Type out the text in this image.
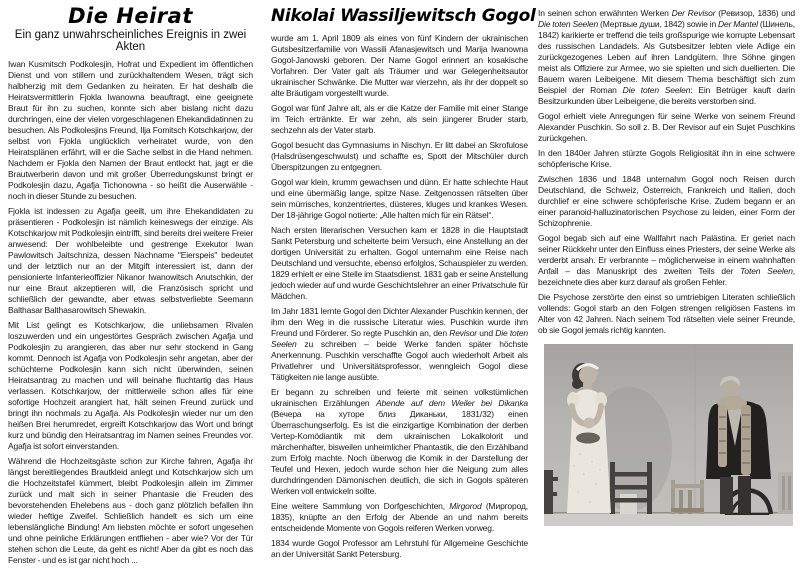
Die Heirat
Ein ganz unwahrscheinliches Ereignis in zwei Akten

Iwan Kusmitsch Podkolesjin, Hofrat und Expedient im öffentlichen Dienst und von stillem und zurückhaltendem Wesen, trägt sich halbherzig mit dem Gedanken zu heiraten. Er hat deshalb die Heiratsvermittlerin Fjokla Iwanowna beauftragt, eine geeignete Braut für ihn zu suchen, konnte sich aber bislang nicht dazu durchringen, eine der vielen vorgeschlagenen Ehekandidatinnen zu besuchen. Als Podkolesjins Freund, Ilja Fomitsch Kotschkarjow, der selbst von Fjokla unglücklich verheiratet wurde, von den Heiratsplänen erfährt, will er die Sache selbst in die Hand nehmen. Nachdem er Fjokla den Namen der Braut entlockt hat, jagt er die Brautwerberin davon und mit großer Überredungskunst bringt er Podkolesjin dazu, Agafja Tichonowna - so heißt die Auserwähle - noch in dieser Stunde zu besuchen.

Fjokla ist indessen zu Agafja geeilt, um ihre Ehekandidaten zu präsentieren - Podkolesjin ist nämlich keineswegs der einzige. Als Kotschkarjow mit Podkolesjin eintrifft, sind bereits drei weitere Freier anwesend: Der wohlbeleibte und gestrenge Exekutor Iwan Pawlowitsch Jaitschniza, dessen Nachname "Eierspeis" bedeutet und der letztlich nur an der Mitgift interessiert ist, dann der pensionierte Infanterieoffizier Nikanor Iwanowitsch Anutschkin, der nur eine Braut akzeptieren will, die Französisch spricht und schließlich der gewandte, aber etwas selbstverliebte Seemann Balthasar Balthasarowitsch Shewakin.

Mit List gelingt es Kotschkarjow, die unliebsamen Rivalen loszuwerden und ein ungestörtes Gespräch zwischen Agafja und Podkolesjin zu arangieren, das aber nur sehr stockend in Gang kommt. Dennoch ist Agafja von Podkolesjin sehr angetan, aber der schüchterne Podkolesjin kann sich nicht überwinden, seinen Heiratsantrag zu machen und will beinahe fluchtartig das Haus verlassen. Kotschkarjow, der mittlerweile schon alles für eine sofortige Hochzeit arangiert hat, hält seinen Freund zurück und bringt ihn nochmals zu Agafja. Als Podkolesjin wieder nur um den heißen Brei herumredet, ergreift Kotschkarjow das Wort und bringt kurz und bündig den Heiratsantrag im Namen seines Freundes vor. Agafja ist sofort einverstanden.

Während die Hochzeitsgäste schon zur Kirche fahren, Agafja ihr längst bereitliegendes Brautkleid anlegt und Kotschkarjow sich um die Hochzeitstafel kümmert, bleibt Podkolesjin allein im Zimmer zurück und malt sich in seiner Phantasie die Freuden des bevorstehenden Ehelebens aus - doch ganz plötzlich befallen ihn wieder heftige Zweifel. Schließlich handelt es sich um eine lebenslängliche Bindung! Am liebsten möchte er sofort ungesehen und ohne peinliche Erklärungen entfliehen - aber wie? Vor der Tür stehen schon die Leute, da geht es nicht! Aber da gibt es noch das Fenster - und es ist gar nicht hoch ...

Nikolai Wassiljewitsch Gogol

wurde am 1. April 1809 als eines von fünf Kindern der ukrainischen Gutsbesitzerfamilie von Wassili Afanasjewitsch und Marija Iwanowna Gogol-Janowski geboren. Der Name Gogol erinnert an kosakische Vorfahren. Der Vater galt als Träumer und war Gelegenheitsautor ukrainischer Schwänke. Die Mutter war vierzehn, als ihr der doppelt so alte Bräutigam vorgestellt wurde.

Gogol war fünf Jahre alt, als er die Katze der Familie mit einer Stange im Teich ertränkte. Er war zehn, als sein jüngerer Bruder starb, sechzehn als der Vater starb.

Gogol besucht das Gymnasiums in Nischyn. Er litt dabei an Skrofulose (Halsdrüsengeschwulst) und schaffte es, Spott der Mitschüler durch Überspitzungen zu entgegnen.

Gogol war klein, krumm gewachsen und dünn. Er hatte schlechte Haut und eine übermäßig lange, spitze Nase. Zeitgenossen rätselten über sein mürrisches, konzentriertes, düsteres, kluges und krankes Wesen. Der 18-jährige Gogol notierte: „Alle halten mich für ein Rätsel“.

Nach ersten literarischen Versuchen kam er 1828 in die Hauptstadt Sankt Petersburg und scheiterte beim Versuch, eine Anstellung an der dortigen Universität zu erhalten. Gogol unternahm eine Reise nach Deutschland und versuchte, ebenso erfolglos, Schauspieler zu werden. 1829 erhielt er eine Stelle im Staatsdienst. 1831 gab er seine Anstellung jedoch wieder auf und wurde Geschichtslehrer an einer Privatschule für Mädchen.

Im Jahr 1831 lernte Gogol den Dichter Alexander Puschkin kennen, der ihm den Weg in die russische Literatur wies. Puschkin wurde ihm Freund und Förderer. So regte Puschkin an, den Revisor und Die toten Seelen zu schreiben – beide Werke fanden später höchste Anerkennung. Puschkin verschaffte Gogol auch wiederholt Arbeit als Privatlehrer und Universitätsprofessor, wenngleich Gogol diese Tätigkeiten nie lange ausübte.

Er begann zu schreiben und feierte mit seinen volkstümlichen ukrainischen Erzählungen Abende auf dem Weiler bei Dikanka (Вечера на хуторе близ Диканьки, 1831/32) einen Überraschungserfolg. Es ist die einzigartige Kombination der derben Vertep-Komödiantik mit dem ukrainischen Lokalkolorit und märchenhafter, bisweilen unheimlicher Phantastik, die den Erzählband zum Erfolg machte. Noch überwog die Komik in der Darstellung der Teufel und Hexen, jedoch wurde schon hier die Neigung zum alles durchdringenden Dämonischen deutlich, die sich in Gogols späteren Werken voll entwickeln sollte.

Eine weitere Sammlung von Dorfgeschichten, Mirgorod (Миргород, 1835), knüpfte an den Erfolg der Abende an und nahm bereits entscheidende Momente von Gogols reiferen Werken vorweg.

1834 wurde Gogol Professor am Lehrstuhl für Allgemeine Geschichte an der Universität Sankt Petersburg.

In seinen schon erwähnten Werken Der Revisor (Ревизор, 1836) und Die toten Seelen (Мертвые души, 1842) sowie in Der Mantel (Шинель, 1842) karikierte er treffend die teils großspurige wie korrupte Lebensart des russischen Landadels. Als Gutsbesitzer lebten viele Adlige ein zurückgezogenes Leben auf ihren Landgütern. Ihre Söhne gingen meist als Offiziere zur Armee, wo sie spielten und sich duellierten. Die Bauern waren Leibeigene. Mit diesem Thema beschäftigt sich zum Beispiel der Roman Die toten Seelen: Ein Betrüger kauft darin Besitzurkunden über Leibeigene, die bereits verstorben sind.

Gogol erhielt viele Anregungen für seine Werke von seinem Freund Alexander Puschkin. So soll z. B. Der Revisor auf ein Sujet Puschkins zurückgehen.

In den 1840er Jahren stürzte Gogols Religiosität ihn in eine schwere schöpferische Krise.

Zwischen 1836 und 1848 unternahm Gogol noch Reisen durch Deutschland, die Schweiz, Österreich, Frankreich und Italien, doch durchlief er eine schwere schöpferische Krise. Zudem begann er an einer paranoid-halluzinatorischen Psychose zu leiden, einer Form der Schizophrenie.

Gogol begab sich auf eine Wallfahrt nach Palästina. Er geriet nach seiner Rückkehr unter den Einfluss eines Priesters, der seine Werke als verderbt ansah. Er verbrannte – möglicherweise in einem wahnhaften Anfall – das Manuskript des zweiten Teils der Toten Seelen, bezeichnete dies aber kurz darauf als großen Fehler.

Die Psychose zerstörte den einst so umtriebigen Literaten schließlich vollends: Gogol starb an den Folgen strengen religiösen Fastens im Alter von 42 Jahren. Nach seinem Tod rätselten viele seiner Freunde, ob sie Gogol jemals richtig kannten.
